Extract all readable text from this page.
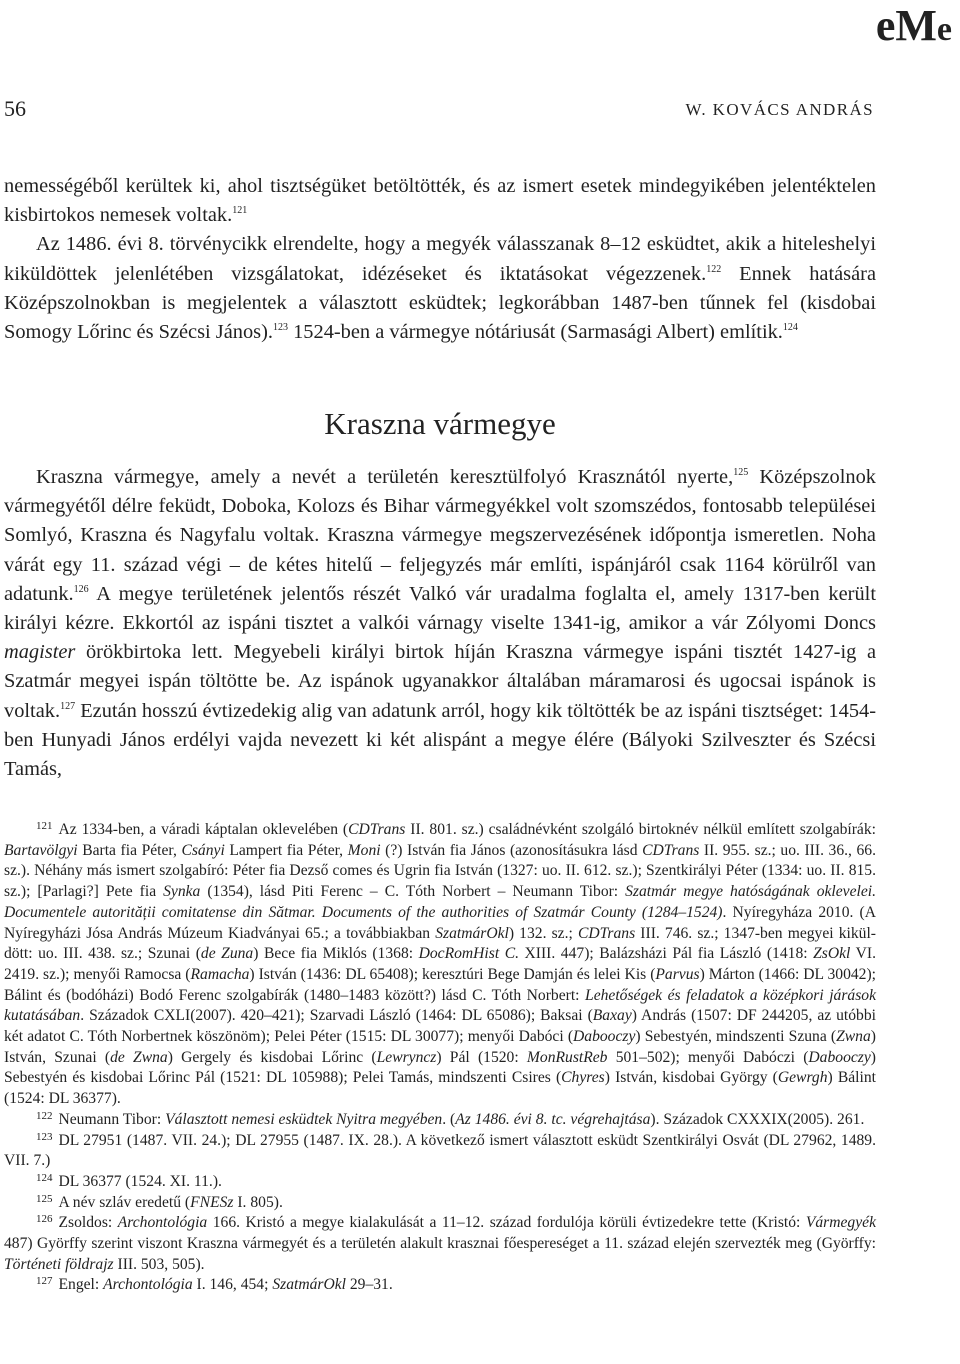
eMe
56	W. KOVÁCS ANDRÁS

nemességéből kerültek ki, ahol tisztségüket betöltötték, és az ismert esetek mindegyikében jelentéktelen kisbirtokos nemesek voltak.$^{121}$

Az 1486. évi 8. törvénycikk elrendelte, hogy a megyék válasszanak 8–12 esküdtet, akik a hiteleshelyi kiküldöttek jelenlétében vizsgálatokat, idézéseket és iktatásokat végezzenek.$^{122}$ Ennek hatására Középszolnokban is megjelentek a választott esküdtek; legkorábban 1487-ben tűnnek fel (kisdobai Somogy Lőrinc és Szécsi János).$^{123}$ 1524-ben a vármegye nótáriusát (Sarmasági Albert) említik.$^{124}$

Kraszna vármegye

Kraszna vármegye, amely a nevét a területén keresztülfolyó Krasznától nyerte,$^{125}$ Középszolnok vármegyétől délre feküdt, Doboka, Kolozs és Bihar vármegyékkel volt szomszédos, fontosabb települései Somlyó, Kraszna és Nagyfalu voltak. Kraszna vármegye megszervezésének időpontja ismeretlen. Noha várát egy 11. század végi – de kétes hitelű – feljegyzés már említi, ispánjáról csak 1164 körülről van adatunk.$^{126}$ A megye területének jelentős részét Valkó vár uradalma foglalta el, amely 1317-ben került királyi kézre. Ekkortól az ispáni tisztet a valkói várnagy viselte 1341-ig, amikor a vár Zólyomi Doncs magister örökbirtoka lett. Megyebeli királyi birtok híján Kraszna vármegye ispáni tisztét 1427-ig a Szatmár megyei ispán töltötte be. Az ispánok ugyanakkor általában máramarosi és ugocsai ispánok is voltak.$^{127}$ Ezután hosszú évtizedekig alig van adatunk arról, hogy kik töltötték be az ispáni tisztséget: 1454-ben Hunyadi János erdélyi vajda nevezett ki két alispánt a megye élére (Bályoki Szilveszter és Szécsi Tamás,

$^{121}$ Az 1334-ben, a váradi káptalan oklevelében (CDTrans II. 801. sz.) családnévként szolgáló birtoknév nélkül említett szolgabírák: Bartavölgyi Barta fia Péter, Csányi Lampert fia Péter, Moni (?) István fia János (azonosításukra lásd CDTrans II. 955. sz.; uo. III. 36., 66. sz.). Néhány más ismert szolgabíró: Péter fia Dezső comes és Ugrin fia István (1327: uo. II. 612. sz.); Szentkirályi Péter (1334: uo. II. 815. sz.); [Parlagi?] Pete fia Synka (1354), lásd Piti Ferenc – C. Tóth Norbert – Neumann Tibor: Szatmár megye hatóságának oklevelei. Documentele autorității comitatense din Sătmar. Documents of the authorities of Szatmár County (1284–1524). Nyíregyháza 2010. (A Nyíregyházi Jósa András Múzeum Kiadványai 65.; a továbbiakban SzatmárOkl) 132. sz.; CDTrans III. 746. sz.; 1347-ben megyei kiküldött: uo. III. 438. sz.; Szunai (de Zuna) Bece fia Miklós (1368: DocRomHist C. XIII. 447); Balázsházi Pál fia László (1418: ZsOkl VI. 2419. sz.); menyői Ramocsa (Ramacha) István (1436: DL 65408); keresztúri Bege Damján és lelei Kis (Parvus) Márton (1466: DL 30042); Bálint és (bodóházi) Bodó Ferenc szolgabírák (1480–1483 között?) lásd C. Tóth Norbert: Lehetőségek és feladatok a középkori járások kutatásában. Századok CXLI(2007). 420–421); Szarvadi László (1464: DL 65086); Baksai (Baxay) András (1507: DF 244205, az utóbbi két adatot C. Tóth Norbertnek köszönöm); Pelei Péter (1515: DL 30077); menyői Dabóci (Dabooczy) Sebestyén, mindszenti Szuna (Zwna) István, Szunai (de Zwna) Gergely és kisdobai Lőrinc (Lewryncz) Pál (1520: MonRustReb 501–502); menyői Dabóczi (Dabooczy) Sebestyén és kisdobai Lőrinc Pál (1521: DL 105988); Pelei Tamás, mindszenti Csires (Chyres) István, kisdobai György (Gewrgh) Bálint (1524: DL 36377).

$^{122}$ Neumann Tibor: Választott nemesi esküdtek Nyitra megyében. (Az 1486. évi 8. tc. végrehajtása). Századok CXXXIX(2005). 261.

$^{123}$ DL 27951 (1487. VII. 24.); DL 27955 (1487. IX. 28.). A következő ismert választott esküdt Szentkirályi Osvát (DL 27962, 1489. VII. 7.)

$^{124}$ DL 36377 (1524. XI. 11.).

$^{125}$ A név szláv eredetű (FNESz I. 805).

$^{126}$ Zsoldos: Archontológia 166. Kristó a megye kialakulását a 11–12. század fordulója körüli évtizedekre tette (Kristó: Vármegyék 487) Györffy szerint viszont Kraszna vármegyét és a területén alakult krasznai főespereséget a 11. század elején szervezték meg (Györffy: Történeti földrajz III. 503, 505).

$^{127}$ Engel: Archontológia I. 146, 454; SzatmárOkl 29–31.
